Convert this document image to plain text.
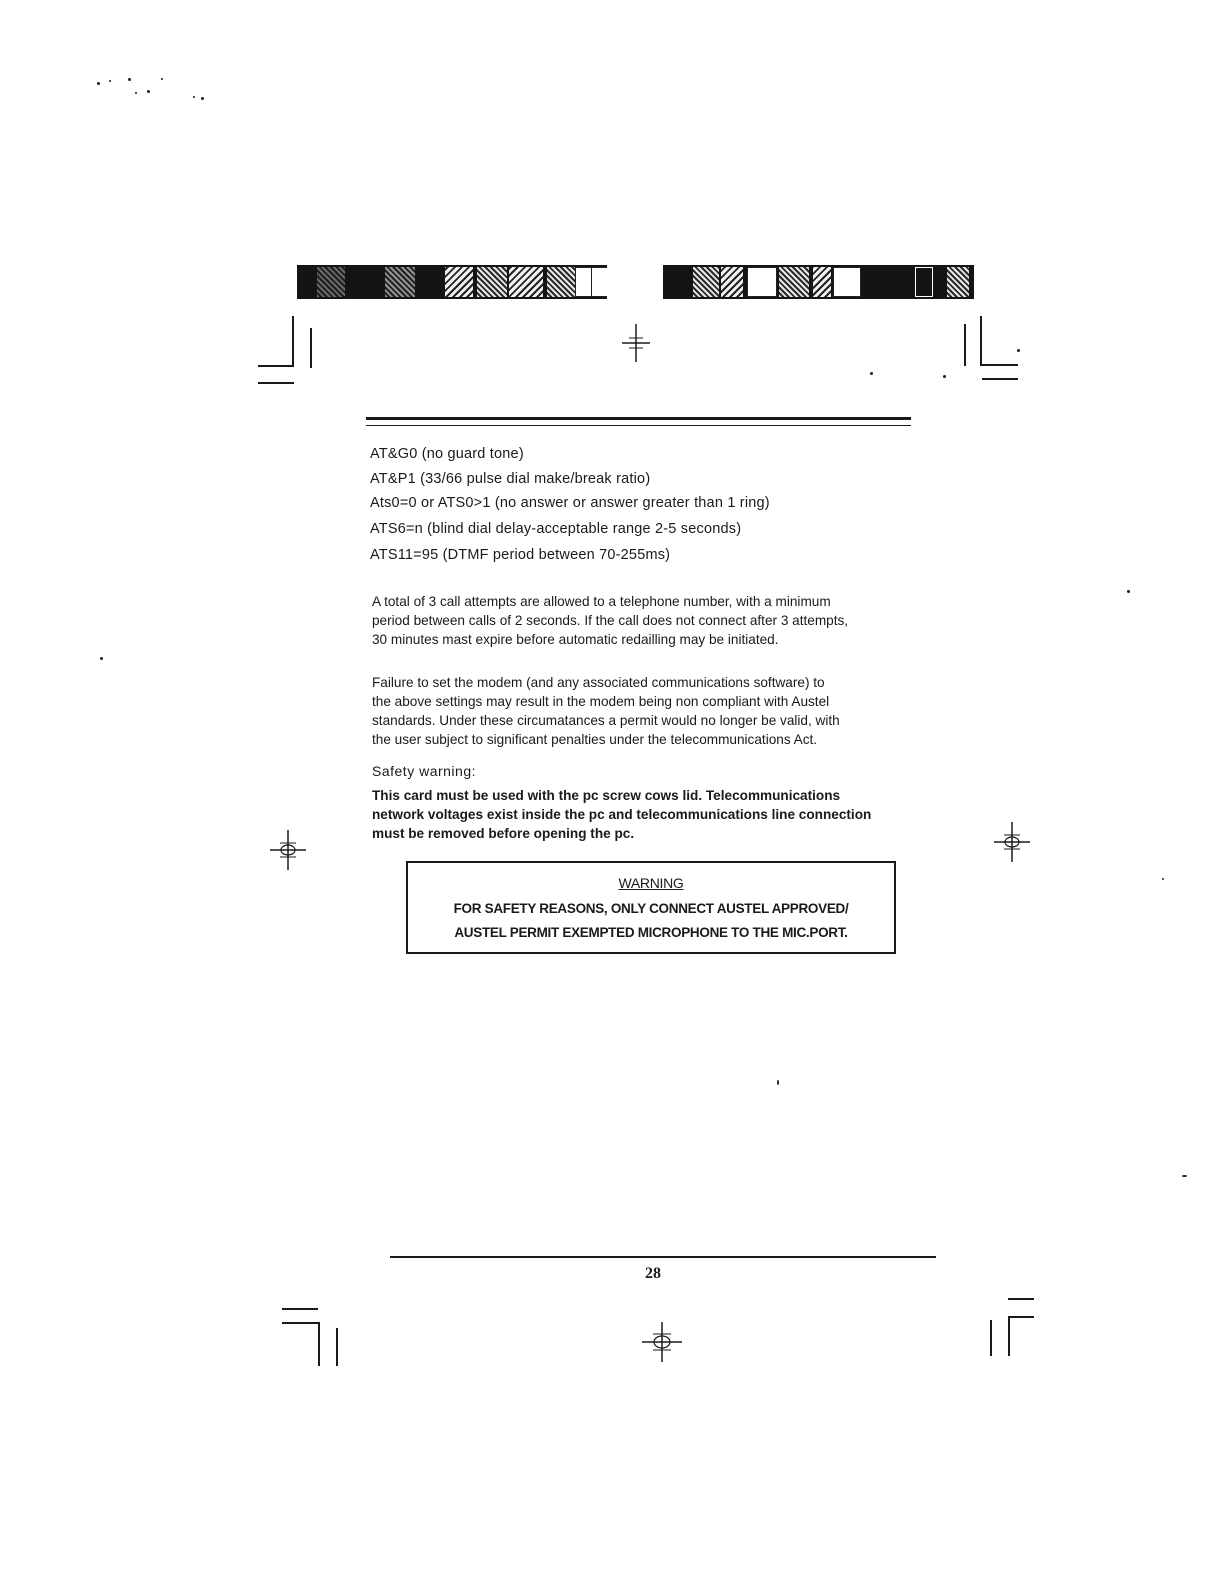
AT&G0 (no guard tone)
AT&P1 (33/66 pulse dial make/break ratio)
Ats0=0 or ATS0>1 (no answer or answer greater than 1 ring)
ATS6=n (blind dial delay-acceptable range 2-5 seconds)
ATS11=95 (DTMF period between 70-255ms)
A total of 3 call attempts are allowed to a telephone number, with a minimum
period between calls of 2 seconds. If the call does not connect after 3 attempts,
30 minutes mast expire before automatic redailling may be initiated.
Failure to set the modem (and any associated communications software) to
the above settings may result in the modem being non compliant with Austel
standards. Under these circumatances a permit would no longer be valid, with
the user subject to significant penalties under the telecommunications Act.
Safety warning:
This card must be used with the pc screw cows lid. Telecommunications
network voltages exist inside the pc and telecommunications line connection
must be removed before opening the pc.
WARNING
FOR SAFETY REASONS, ONLY CONNECT AUSTEL APPROVED/
AUSTEL PERMIT EXEMPTED MICROPHONE TO THE MIC.PORT.
28
